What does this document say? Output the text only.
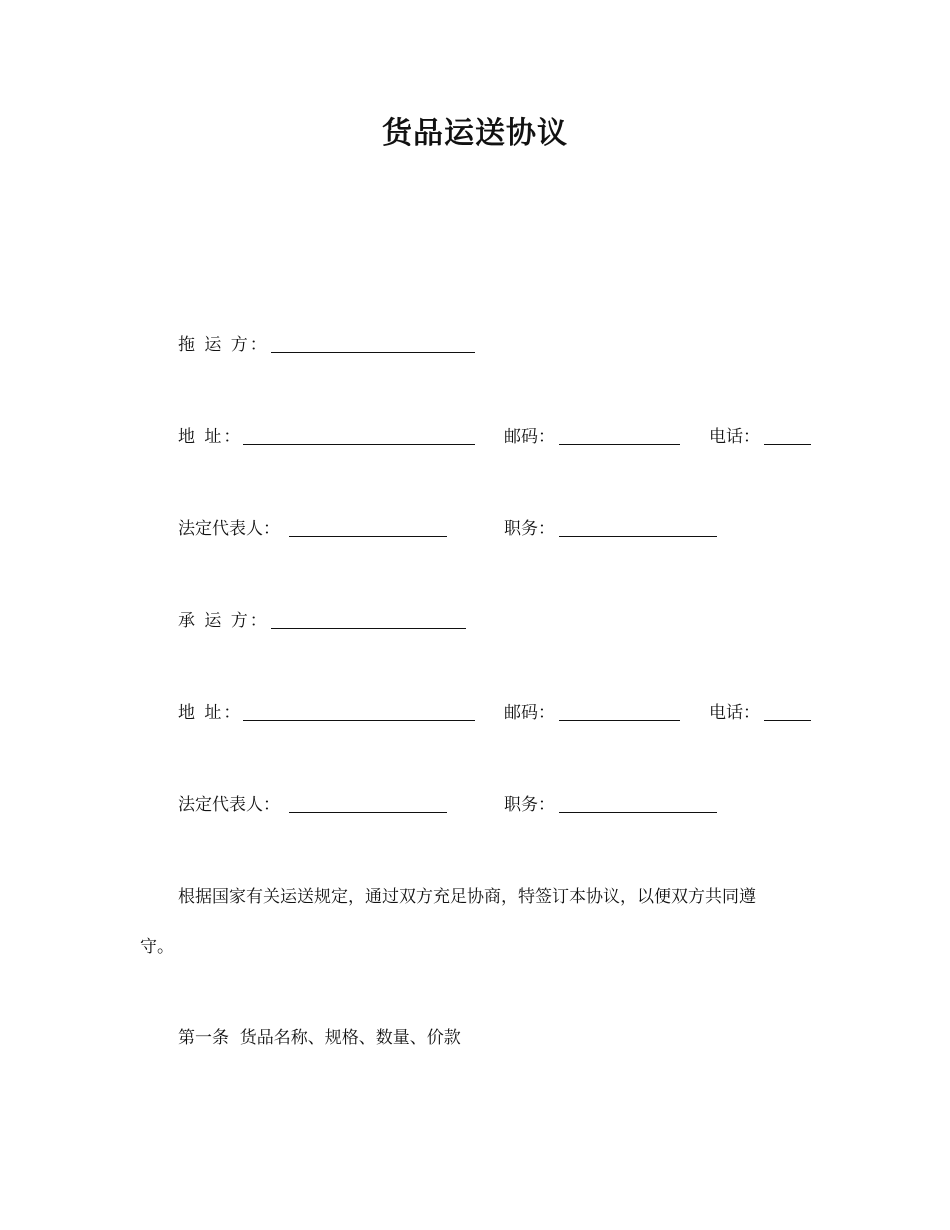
货品运送协议
拖 运 方：
地 址：	邮码：	电话：
法定代表人：	职务：
承 运 方：
地 址：	邮码：	电话：
法定代表人：	职务：
根据国家有关运送规定，通过双方充足协商，特签订本协议，以便双方共同遵
守。
第一条  货品名称、规格、数量、价款
